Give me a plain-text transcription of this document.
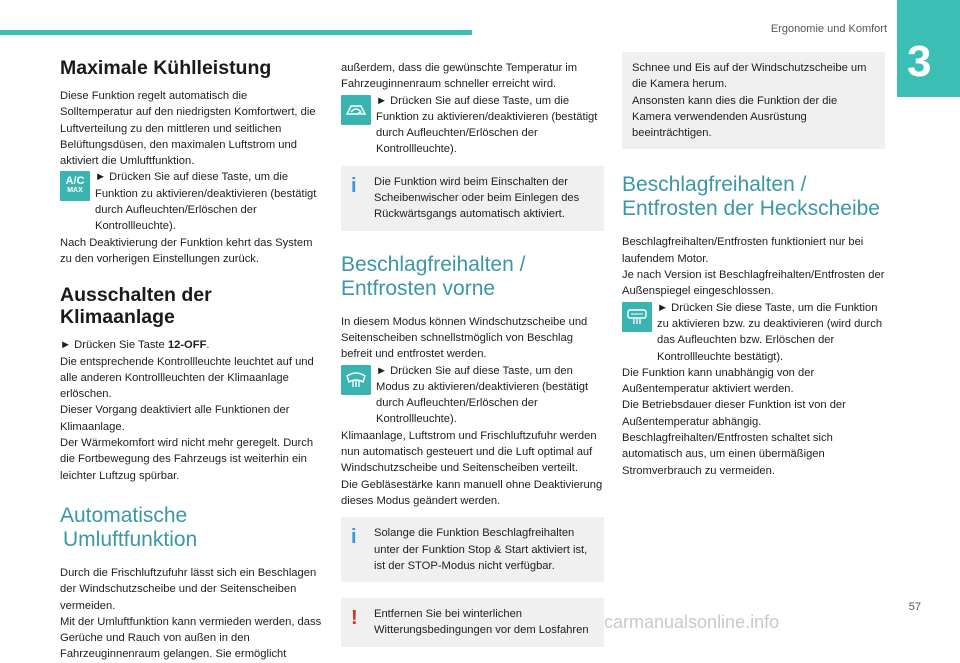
Ergonomie und Komfort
3
Maximale Kühlleistung

Diese Funktion regelt automatisch die Solltemperatur auf den niedrigsten Komfortwert, die Luftverteilung zu den mittleren und seitlichen Belüftungsdüsen, den maximalen Luftstrom und aktiviert die Umluftfunktion.

A/C
MAX

► Drücken Sie auf diese Taste, um die Funktion zu aktivieren/deaktivieren (bestätigt durch Aufleuchten/Erlöschen der Kontrollleuchte).

Nach Deaktivierung der Funktion kehrt das System zu den vorherigen Einstellungen zurück.

Ausschalten der Klimaanlage

► Drücken Sie Taste 12-OFF.

Die entsprechende Kontrollleuchte leuchtet auf und alle anderen Kontrollleuchten der Klimaanlage erlöschen.

Dieser Vorgang deaktiviert alle Funktionen der Klimaanlage.

Der Wärmekomfort wird nicht mehr geregelt. Durch die Fortbewegung des Fahrzeugs ist weiterhin ein leichter Luftzug spürbar.

Automatische
Umluftfunktion

Durch die Frischluftzufuhr lässt sich ein Beschlagen der Windschutzscheibe und der Seitenscheiben vermeiden.

Mit der Umluftfunktion kann vermieden werden, dass Gerüche und Rauch von außen in den Fahrzeuginnenraum gelangen. Sie ermöglicht

außerdem, dass die gewünschte Temperatur im Fahrzeuginnenraum schneller erreicht wird.

► Drücken Sie auf diese Taste, um die Funktion zu aktivieren/deaktivieren (bestätigt durch Aufleuchten/Erlöschen der Kontrollleuchte).

i Die Funktion wird beim Einschalten der Scheibenwischer oder beim Einlegen des Rückwärtsgangs automatisch aktiviert.

Beschlagfreihalten /
Entfrosten vorne

In diesem Modus können Windschutzscheibe und Seitenscheiben schnellstmöglich von Beschlag befreit und entfrostet werden.

► Drücken Sie auf diese Taste, um den Modus zu aktivieren/deaktivieren (bestätigt durch Aufleuchten/Erlöschen der Kontrollleuchte).

Klimaanlage, Luftstrom und Frischluftzufuhr werden nun automatisch gesteuert und die Luft optimal auf Windschutzscheibe und Seitenscheiben verteilt.

Die Gebläsestärke kann manuell ohne Deaktivierung dieses Modus geändert werden.

i Solange die Funktion Beschlagfreihalten unter der Funktion Stop & Start aktiviert ist, ist der STOP-Modus nicht verfügbar.

! Entfernen Sie bei winterlichen Witterungsbedingungen vor dem Losfahren

Schnee und Eis auf der Windschutzscheibe um die Kamera herum.

Ansonsten kann dies die Funktion der die Kamera verwendenden Ausrüstung beeinträchtigen.

Beschlagfreihalten /
Entfrosten der Heckscheibe

Beschlagfreihalten/Entfrosten funktioniert nur bei laufendem Motor.

Je nach Version ist Beschlagfreihalten/Entfrosten der Außenspiegel eingeschlossen.

► Drücken Sie diese Taste, um die Funktion zu aktivieren bzw. zu deaktivieren (wird durch das Aufleuchten bzw. Erlöschen der Kontrollleuchte bestätigt).

Die Funktion kann unabhängig von der Außentemperatur aktiviert werden.

Die Betriebsdauer dieser Funktion ist von der Außentemperatur abhängig.

Beschlagfreihalten/Entfrosten schaltet sich automatisch aus, um einen übermäßigen Stromverbrauch zu vermeiden.

carmanualsonline.info
57
